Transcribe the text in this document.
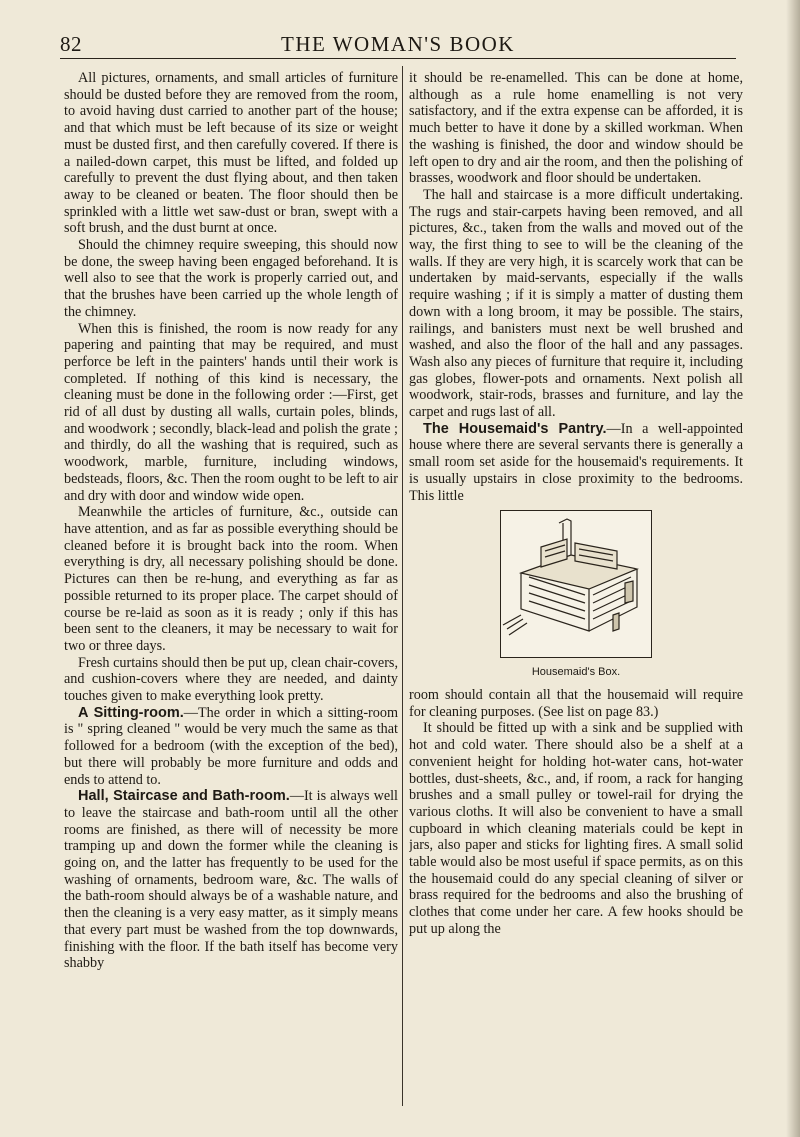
82	THE WOMAN'S BOOK

All pictures, ornaments, and small articles of furniture should be dusted before they are removed from the room, to avoid having dust carried to another part of the house; and that which must be left because of its size or weight must be dusted first, and then carefully covered. If there is a nailed-down carpet, this must be lifted, and folded up carefully to prevent the dust flying about, and then taken away to be cleaned or beaten. The floor should then be sprinkled with a little wet saw-dust or bran, swept with a soft brush, and the dust burnt at once.

Should the chimney require sweeping, this should now be done, the sweep having been engaged beforehand. It is well also to see that the work is properly carried out, and that the brushes have been carried up the whole length of the chimney.

When this is finished, the room is now ready for any papering and painting that may be required, and must perforce be left in the painters' hands until their work is completed. If nothing of this kind is necessary, the cleaning must be done in the following order :—First, get rid of all dust by dusting all walls, curtain poles, blinds, and woodwork ; secondly, black-lead and polish the grate ; and thirdly, do all the washing that is required, such as woodwork, marble, furniture, including windows, bedsteads, floors, &c. Then the room ought to be left to air and dry with door and window wide open.

Meanwhile the articles of furniture, &c., outside can have attention, and as far as possible everything should be cleaned before it is brought back into the room. When everything is dry, all necessary polishing should be done. Pictures can then be re-hung, and everything as far as possible returned to its proper place. The carpet should of course be re-laid as soon as it is ready ; only if this has been sent to the cleaners, it may be necessary to wait for two or three days.

Fresh curtains should then be put up, clean chair-covers, and cushion-covers where they are needed, and dainty touches given to make everything look pretty.

A Sitting-room.—The order in which a sitting-room is " spring cleaned " would be very much the same as that followed for a bedroom (with the exception of the bed), but there will probably be more furniture and odds and ends to attend to.

Hall, Staircase and Bath-room.—It is always well to leave the staircase and bath-room until all the other rooms are finished, as there will of necessity be more tramping up and down the former while the cleaning is going on, and the latter has frequently to be used for the washing of ornaments, bedroom ware, &c. The walls of the bath-room should always be of a washable nature, and then the cleaning is a very easy matter, as it simply means that every part must be washed from the top downwards, finishing with the floor. If the bath itself has become very shabby

it should be re-enamelled. This can be done at home, although as a rule home enamelling is not very satisfactory, and if the extra expense can be afforded, it is much better to have it done by a skilled workman. When the washing is finished, the door and window should be left open to dry and air the room, and then the polishing of brasses, woodwork and floor should be undertaken.

The hall and staircase is a more difficult undertaking. The rugs and stair-carpets having been removed, and all pictures, &c., taken from the walls and moved out of the way, the first thing to see to will be the cleaning of the walls. If they are very high, it is scarcely work that can be undertaken by maid-servants, especially if the walls require washing ; if it is simply a matter of dusting them down with a long broom, it may be possible. The stairs, railings, and banisters must next be well brushed and washed, and also the floor of the hall and any passages. Wash also any pieces of furniture that require it, including gas globes, flower-pots and ornaments. Next polish all woodwork, stair-rods, brasses and furniture, and lay the carpet and rugs last of all.

The Housemaid's Pantry.—In a well-appointed house where there are several servants there is generally a small room set aside for the housemaid's requirements. It is usually upstairs in close proximity to the bedrooms. This little

Housemaid's Box.

room should contain all that the housemaid will require for cleaning purposes. (See list on page 83.)

It should be fitted up with a sink and be supplied with hot and cold water. There should also be a shelf at a convenient height for holding hot-water cans, hot-water bottles, dust-sheets, &c., and, if room, a rack for hanging brushes and a small pulley or towel-rail for drying the various cloths. It will also be convenient to have a small cupboard in which cleaning materials could be kept in jars, also paper and sticks for lighting fires. A small solid table would also be most useful if space permits, as on this the housemaid could do any special cleaning of silver or brass required for the bedrooms and also the brushing of clothes that come under her care. A few hooks should be put up along the
